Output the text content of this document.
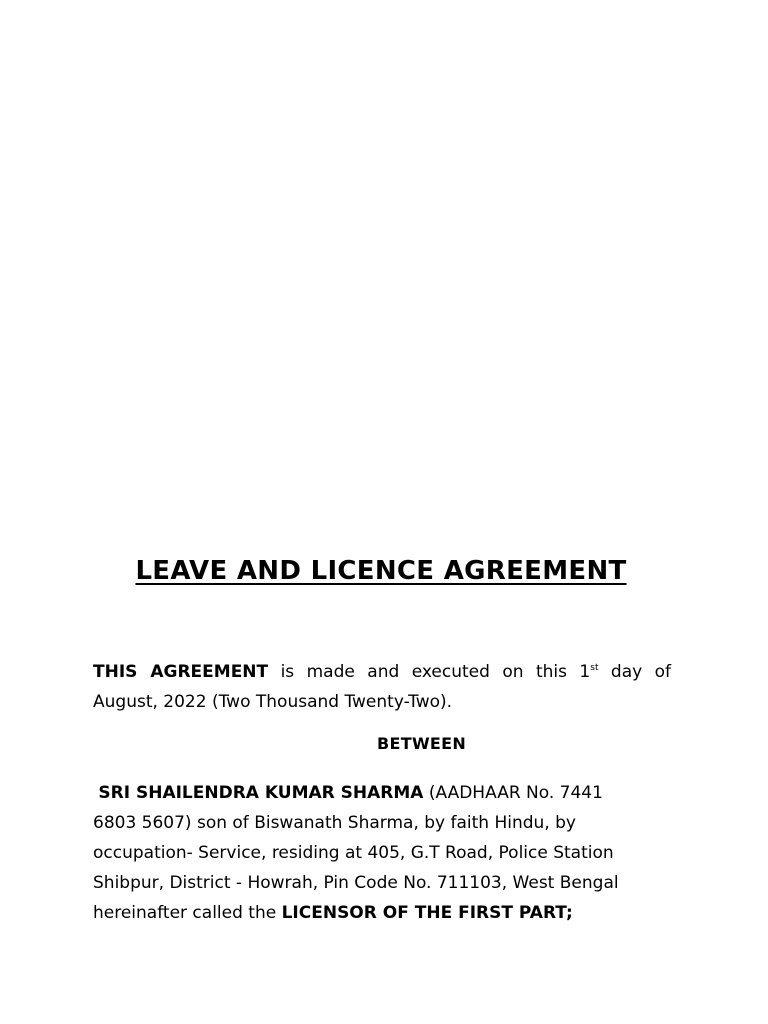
LEAVE AND LICENCE AGREEMENT
THIS AGREEMENT is made and executed on this 1st day of
August, 2022 (Two Thousand Twenty-Two).
BETWEEN
SRI SHAILENDRA KUMAR SHARMA (AADHAAR No. 7441
6803 5607) son of Biswanath Sharma, by faith Hindu, by
occupation- Service, residing at 405, G.T Road, Police Station
Shibpur, District - Howrah, Pin Code No. 711103, West Bengal
hereinafter called the LICENSOR OF THE FIRST PART;
